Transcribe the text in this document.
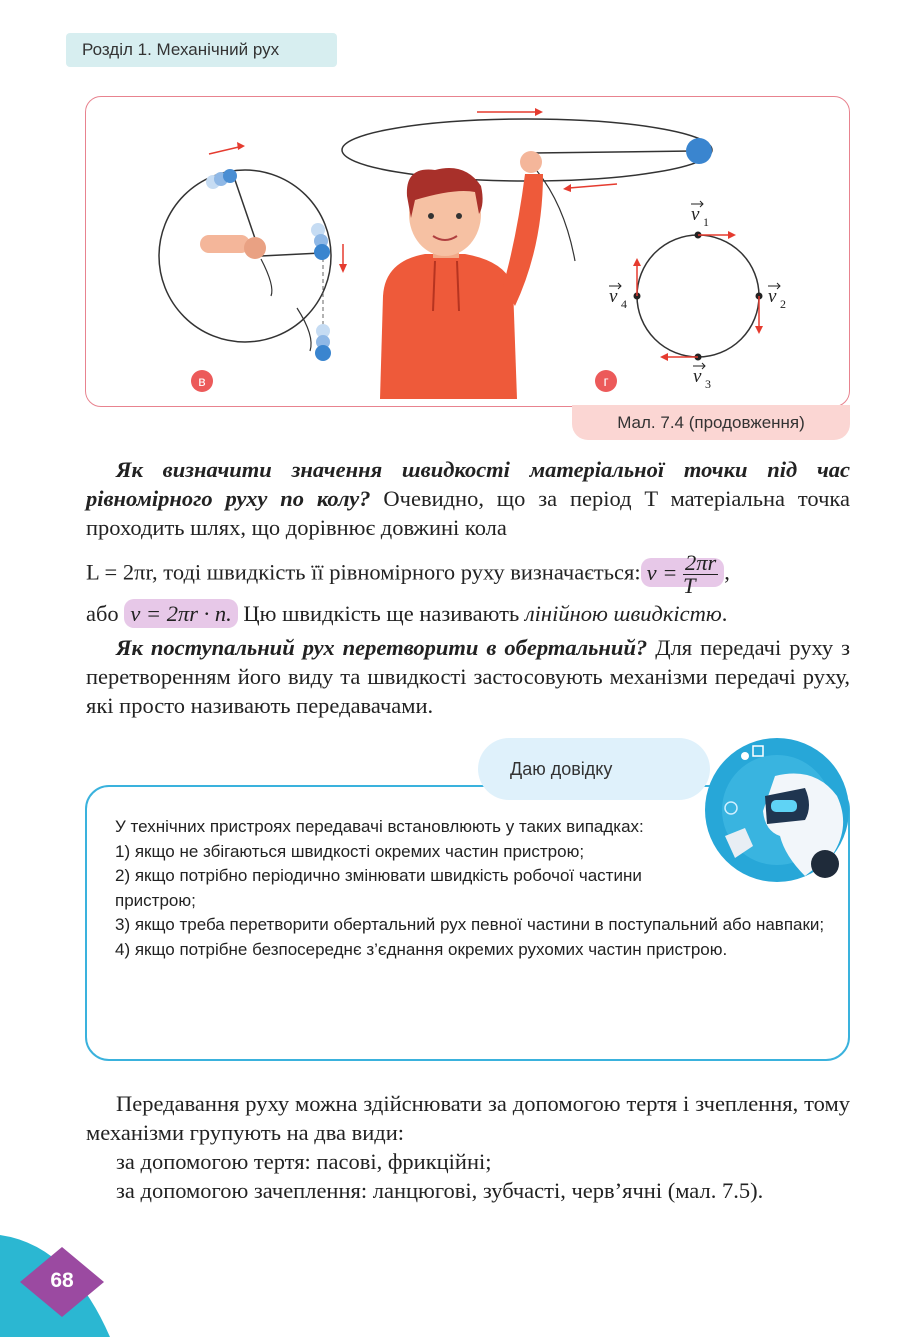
Розділ 1. Механічний рух
в	г
v 1
v 2
v 3
v 4
Мал. 7.4 (продовження)
Як визначити значення швидкості матеріальної точки під час рівномірного руху по колу? Очевидно, що за період T матеріальна точка проходить шлях, що дорівнює довжині кола
L = 2πr, тоді швидкість її рівномірного руху визначається: $v = \frac{2\pi r}{T}$ ,
або v = 2πr · n. Цю швидкість ще називають лінійною швидкістю.
Як поступальний рух перетворити в обертальний? Для передачі руху з перетворенням його виду та швидкості застосовують механізми передачі руху, які просто називають передавачами.
Даю довідку

У технічних пристроях передавачі встановлюють у таких випадках:

1) якщо не збігаються швидкості окремих частин пристрою;

2) якщо потрібно періодично змінювати швидкість робочої частини пристрою;

3) якщо треба перетворити обертальний рух певної частини в поступальний або навпаки;

4) якщо потрібне безпосереднє з’єднання окремих рухомих частин пристрою.

Передавання руху можна здійснювати за допомогою тертя і зчеплення, тому механізми групують на два види:
за допомогою тертя: пасові, фрикційні;
за допомогою зачеплення: ланцюгові, зубчасті, черв’ячні (мал. 7.5).
68
